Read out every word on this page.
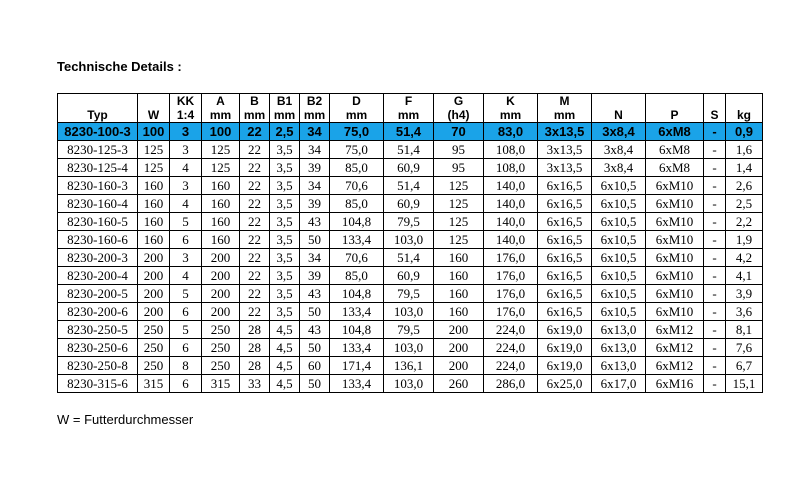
Technische Details :
		KK	A	B	B1	B2	D	F	G	K	M				
Typ	W	1:4	mm	mm	mm	mm	mm	mm	(h4)	mm	mm	N	P	S	kg
8230-100-3	100	3	100	22	2,5	34	75,0	51,4	70	83,0	3x13,5	3x8,4	6xM8	-	0,9
8230-125-3	125	3	125	22	3,5	34	75,0	51,4	95	108,0	3x13,5	3x8,4	6xM8	-	1,6
8230-125-4	125	4	125	22	3,5	39	85,0	60,9	95	108,0	3x13,5	3x8,4	6xM8	-	1,4
8230-160-3	160	3	160	22	3,5	34	70,6	51,4	125	140,0	6x16,5	6x10,5	6xM10	-	2,6
8230-160-4	160	4	160	22	3,5	39	85,0	60,9	125	140,0	6x16,5	6x10,5	6xM10	-	2,5
8230-160-5	160	5	160	22	3,5	43	104,8	79,5	125	140,0	6x16,5	6x10,5	6xM10	-	2,2
8230-160-6	160	6	160	22	3,5	50	133,4	103,0	125	140,0	6x16,5	6x10,5	6xM10	-	1,9
8230-200-3	200	3	200	22	3,5	34	70,6	51,4	160	176,0	6x16,5	6x10,5	6xM10	-	4,2
8230-200-4	200	4	200	22	3,5	39	85,0	60,9	160	176,0	6x16,5	6x10,5	6xM10	-	4,1
8230-200-5	200	5	200	22	3,5	43	104,8	79,5	160	176,0	6x16,5	6x10,5	6xM10	-	3,9
8230-200-6	200	6	200	22	3,5	50	133,4	103,0	160	176,0	6x16,5	6x10,5	6xM10	-	3,6
8230-250-5	250	5	250	28	4,5	43	104,8	79,5	200	224,0	6x19,0	6x13,0	6xM12	-	8,1
8230-250-6	250	6	250	28	4,5	50	133,4	103,0	200	224,0	6x19,0	6x13,0	6xM12	-	7,6
8230-250-8	250	8	250	28	4,5	60	171,4	136,1	200	224,0	6x19,0	6x13,0	6xM12	-	6,7
8230-315-6	315	6	315	33	4,5	50	133,4	103,0	260	286,0	6x25,0	6x17,0	6xM16	-	15,1
W = Futterdurchmesser
